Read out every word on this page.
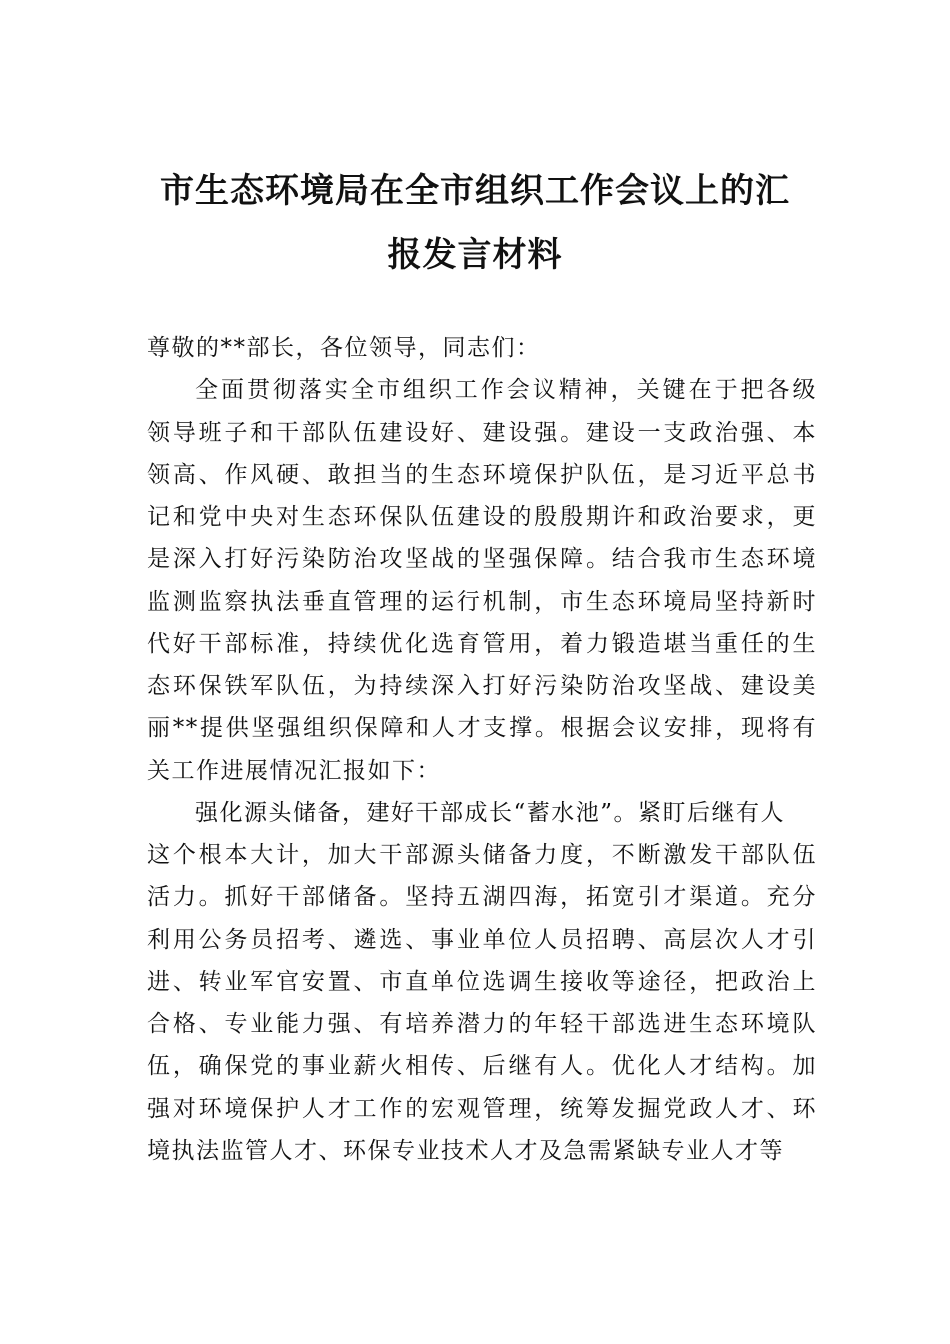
市生态环境局在全市组织工作会议上的汇
报发言材料
尊敬的**部长，各位领导，同志们：
全面贯彻落实全市组织工作会议精神，关键在于把各级
领导班子和干部队伍建设好、建设强。建设一支政治强、本
领高、作风硬、敢担当的生态环境保护队伍，是习近平总书
记和党中央对生态环保队伍建设的殷殷期许和政治要求，更
是深入打好污染防治攻坚战的坚强保障。结合我市生态环境
监测监察执法垂直管理的运行机制，市生态环境局坚持新时
代好干部标准，持续优化选育管用，着力锻造堪当重任的生
态环保铁军队伍，为持续深入打好污染防治攻坚战、建设美
丽**提供坚强组织保障和人才支撑。根据会议安排，现将有
关工作进展情况汇报如下：
强化源头储备，建好干部成长“蓄水池”。紧盯后继有人
这个根本大计，加大干部源头储备力度，不断激发干部队伍
活力。抓好干部储备。坚持五湖四海，拓宽引才渠道。充分
利用公务员招考、遴选、事业单位人员招聘、高层次人才引
进、转业军官安置、市直单位选调生接收等途径，把政治上
合格、专业能力强、有培养潜力的年轻干部选进生态环境队
伍，确保党的事业薪火相传、后继有人。优化人才结构。加
强对环境保护人才工作的宏观管理，统筹发掘党政人才、环
境执法监管人才、环保专业技术人才及急需紧缺专业人才等
